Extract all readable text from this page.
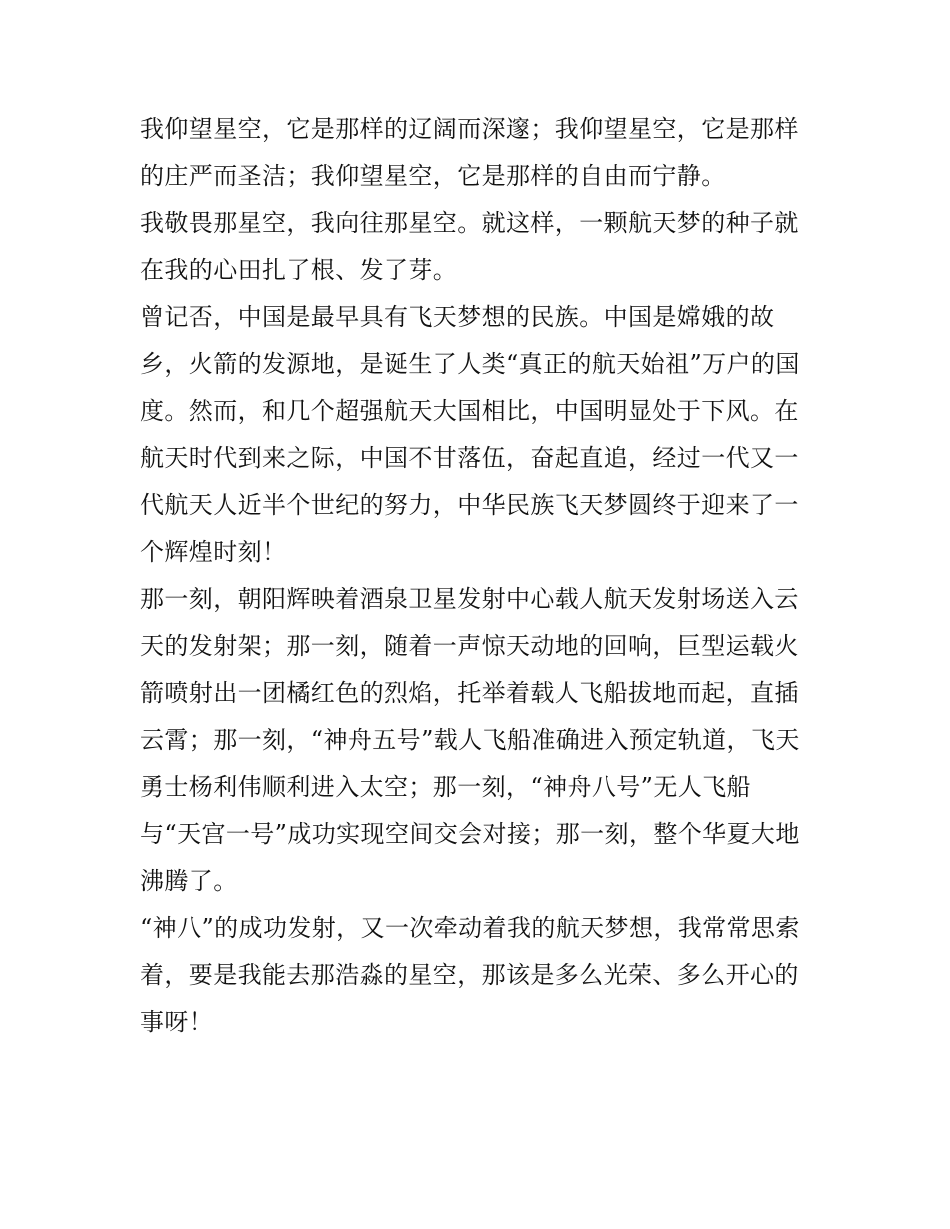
我仰望星空，它是那样的辽阔而深邃；我仰望星空，它是那样
的庄严而圣洁；我仰望星空，它是那样的自由而宁静。
我敬畏那星空，我向往那星空。就这样，一颗航天梦的种子就
在我的心田扎了根、发了芽。
曾记否，中国是最早具有飞天梦想的民族。中国是嫦娥的故
乡，火箭的发源地，是诞生了人类“真正的航天始祖”万户的国
度。然而，和几个超强航天大国相比，中国明显处于下风。在
航天时代到来之际，中国不甘落伍，奋起直追，经过一代又一
代航天人近半个世纪的努力，中华民族飞天梦圆终于迎来了一
个辉煌时刻！
那一刻，朝阳辉映着酒泉卫星发射中心载人航天发射场送入云
天的发射架；那一刻，随着一声惊天动地的回响，巨型运载火
箭喷射出一团橘红色的烈焰，托举着载人飞船拔地而起，直插
云霄；那一刻，“神舟五号”载人飞船准确进入预定轨道，飞天
勇士杨利伟顺利进入太空；那一刻，“神舟八号”无人飞船
与“天宫一号”成功实现空间交会对接；那一刻，整个华夏大地
沸腾了。
“神八”的成功发射，又一次牵动着我的航天梦想，我常常思索
着，要是我能去那浩淼的星空，那该是多么光荣、多么开心的
事呀！
